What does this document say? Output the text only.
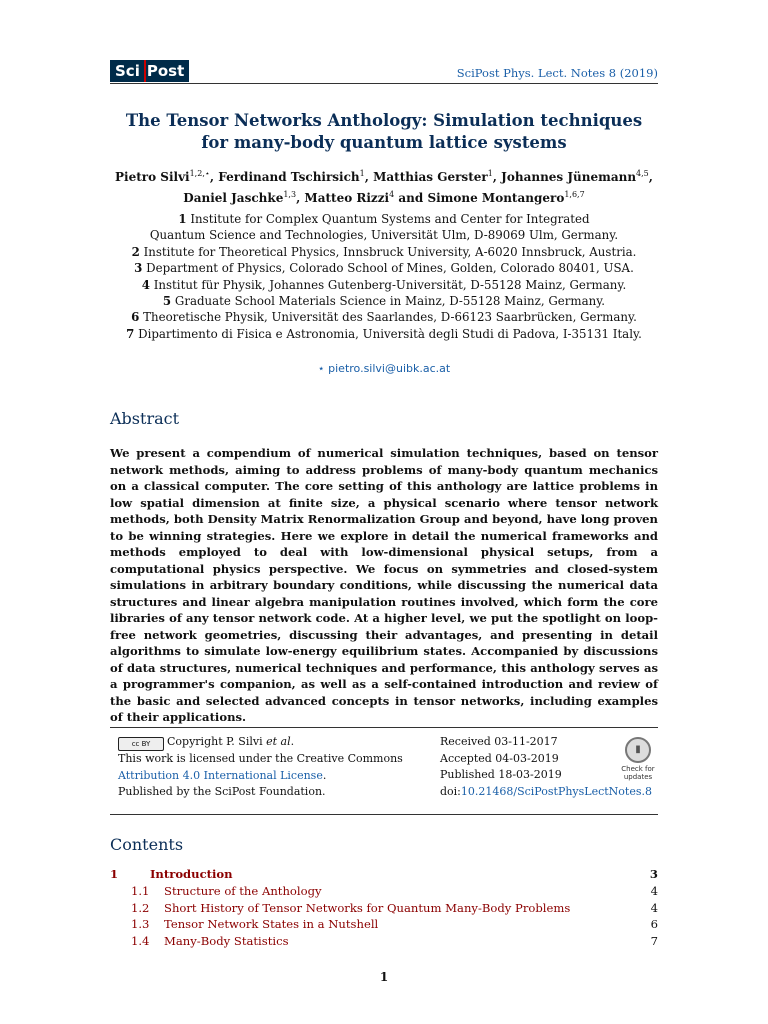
Sci Post	SciPost Phys. Lect. Notes 8 (2019)
The Tensor Networks Anthology: Simulation techniques
for many-body quantum lattice systems
Pietro Silvi$^{1,2,⋆}$, Ferdinand Tschirsich$^1$, Matthias Gerster$^1$, Johannes Jünemann$^{4,5}$,
Daniel Jaschke$^{1,3}$, Matteo Rizzi$^4$ and Simone Montangero$^{1,6,7}$
1 Institute for Complex Quantum Systems and Center for Integrated
Quantum Science and Technologies, Universität Ulm, D-89069 Ulm, Germany.
2 Institute for Theoretical Physics, Innsbruck University, A-6020 Innsbruck, Austria.
3 Department of Physics, Colorado School of Mines, Golden, Colorado 80401, USA.
4 Institut für Physik, Johannes Gutenberg-Universität, D-55128 Mainz, Germany.
5 Graduate School Materials Science in Mainz, D-55128 Mainz, Germany.
6 Theoretische Physik, Universität des Saarlandes, D-66123 Saarbrücken, Germany.
7 Dipartimento di Fisica e Astronomia, Università degli Studi di Padova, I-35131 Italy.
⋆ pietro.silvi@uibk.ac.at
Abstract
We present a compendium of numerical simulation techniques, based on tensor network methods, aiming to address problems of many-body quantum mechanics on a classical computer. The core setting of this anthology are lattice problems in low spatial dimension at finite size, a physical scenario where tensor network methods, both Density Matrix Renormalization Group and beyond, have long proven to be winning strategies. Here we explore in detail the numerical frameworks and methods employed to deal with low-dimensional physical setups, from a computational physics perspective. We focus on symmetries and closed-system simulations in arbitrary boundary conditions, while discussing the numerical data structures and linear algebra manipulation routines involved, which form the core libraries of any tensor network code. At a higher level, we put the spotlight on loop-free network geometries, discussing their advantages, and presenting in detail algorithms to simulate low-energy equilibrium states. Accompanied by discussions of data structures, numerical techniques and performance, this anthology serves as a programmer's companion, as well as a self-contained introduction and review of the basic and selected advanced concepts in tensor networks, including examples of their applications.
cc BY Copyright P. Silvi et al.
This work is licensed under the Creative Commons
Attribution 4.0 International License.
Published by the SciPost Foundation.
Received 03-11-2017
Accepted 04-03-2019
Published 18-03-2019
doi:10.21468/SciPostPhysLectNotes.8
▮
Check for
updates
Contents
1	Introduction	3
1.1	Structure of the Anthology	4
1.2	Short History of Tensor Networks for Quantum Many-Body Problems	4
1.3	Tensor Network States in a Nutshell	6
1.4	Many-Body Statistics	7
1
